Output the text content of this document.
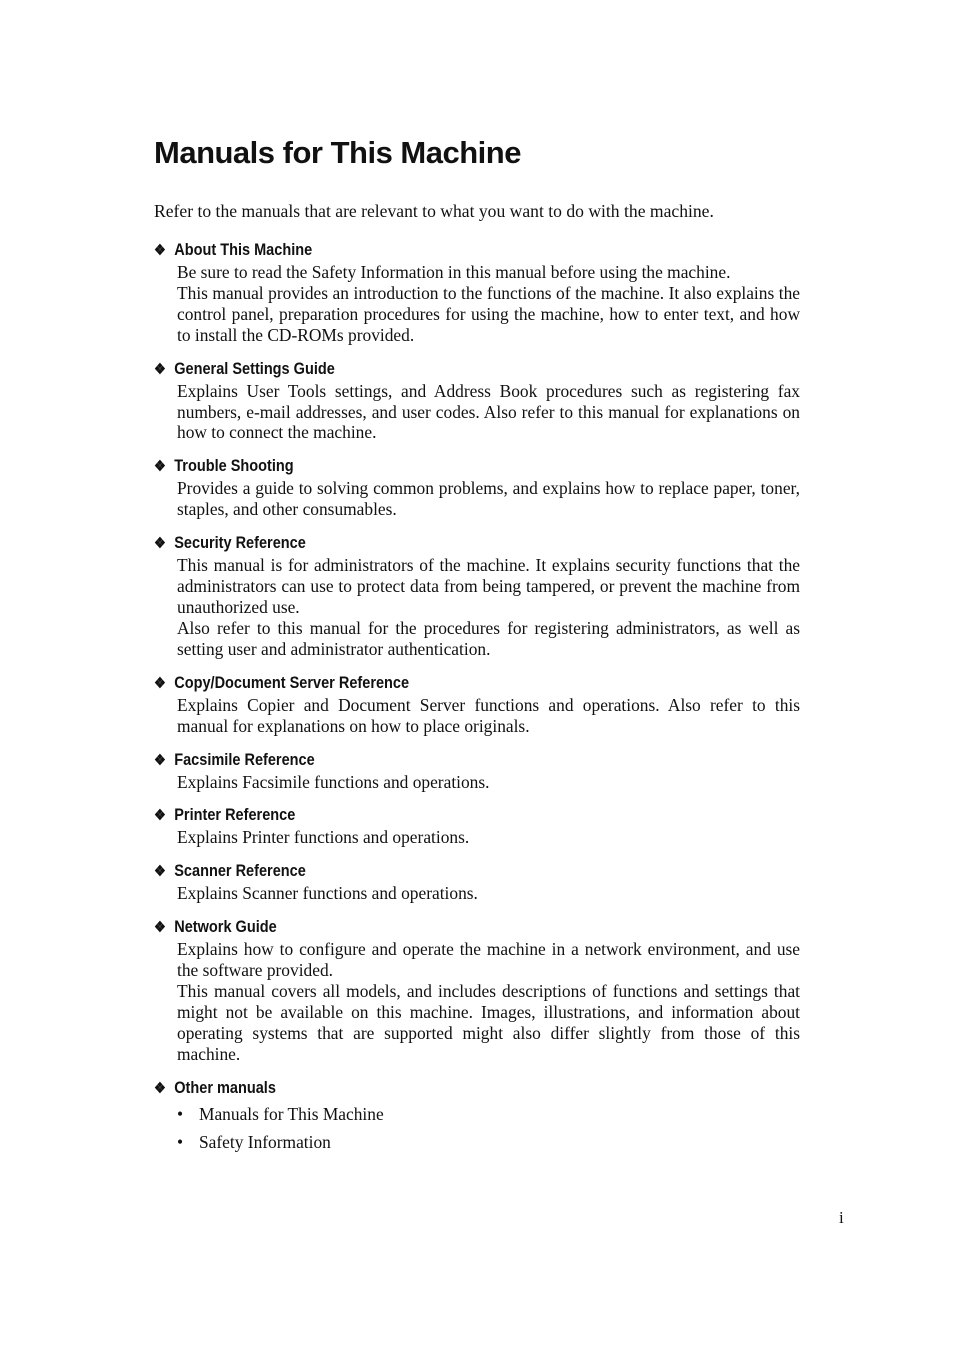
Manuals for This Machine

Refer to the manuals that are relevant to what you want to do with the machine.

❖ About This Machine

Be sure to read the Safety Information in this manual before using the machine.

This manual provides an introduction to the functions of the machine. It also explains the control panel, preparation procedures for using the machine, how to enter text, and how to install the CD-ROMs provided.

❖ General Settings Guide

Explains User Tools settings, and Address Book procedures such as registering fax numbers, e-mail addresses, and user codes. Also refer to this manual for explanations on how to connect the machine.

❖ Trouble Shooting

Provides a guide to solving common problems, and explains how to replace paper, toner, staples, and other consumables.

❖ Security Reference

This manual is for administrators of the machine. It explains security functions that the administrators can use to protect data from being tampered, or prevent the machine from unauthorized use.

Also refer to this manual for the procedures for registering administrators, as well as setting user and administrator authentication.

❖ Copy/Document Server Reference

Explains Copier and Document Server functions and operations. Also refer to this manual for explanations on how to place originals.

❖ Facsimile Reference

Explains Facsimile functions and operations.

❖ Printer Reference

Explains Printer functions and operations.

❖ Scanner Reference

Explains Scanner functions and operations.

❖ Network Guide

Explains how to configure and operate the machine in a network environment, and use the software provided.

This manual covers all models, and includes descriptions of functions and settings that might not be available on this machine. Images, illustrations, and information about operating systems that are supported might also differ slightly from those of this machine.

❖ Other manuals
• Manuals for This Machine
• Safety Information
i
